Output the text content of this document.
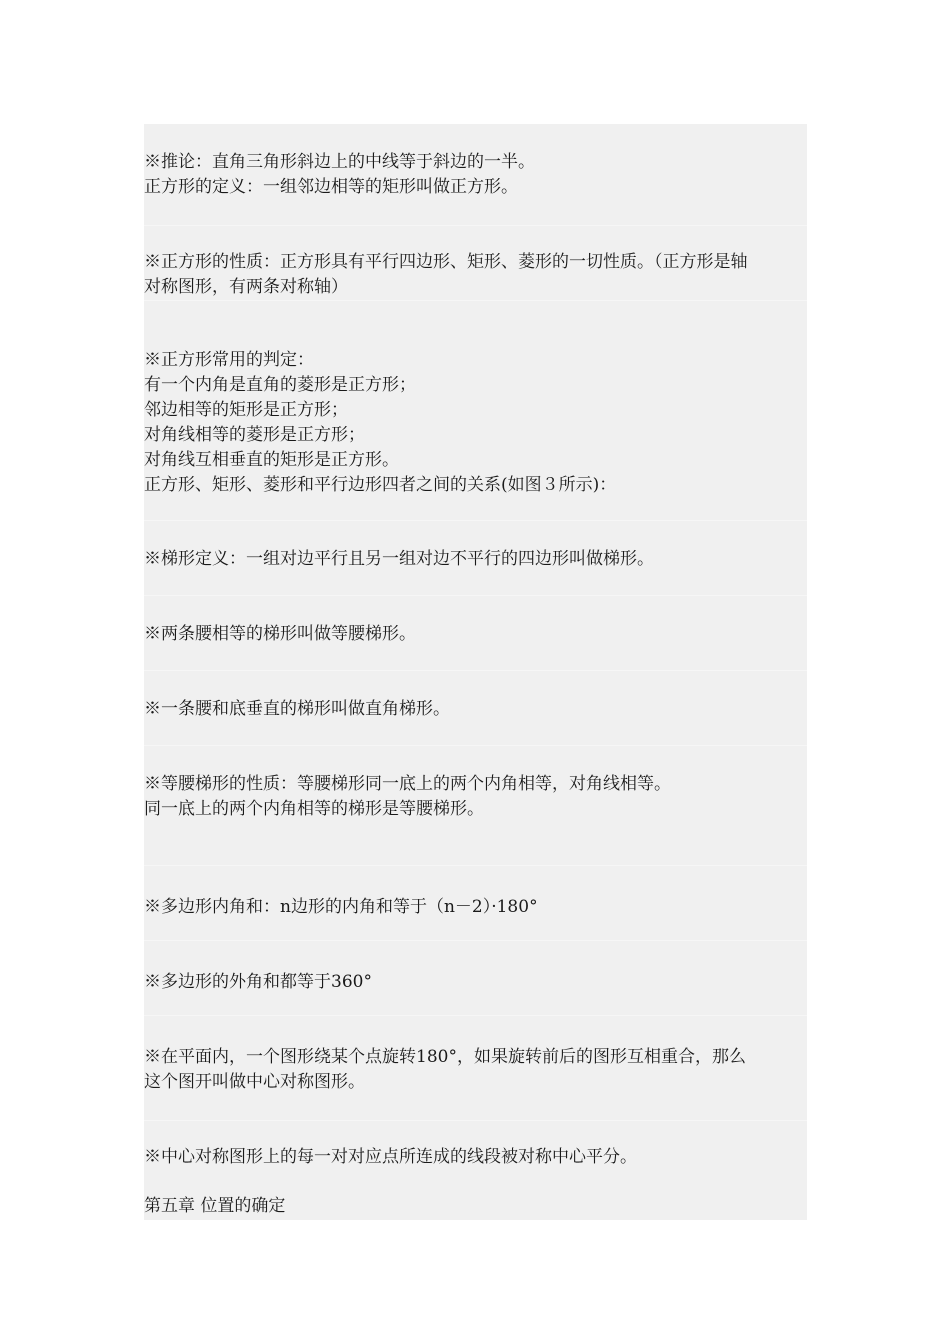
※推论：直角三角形斜边上的中线等于斜边的一半。
正方形的定义：一组邻边相等的矩形叫做正方形。
※正方形的性质：正方形具有平行四边形、矩形、菱形的一切性质。（正方形是轴
对称图形，有两条对称轴）
※正方形常用的判定：
有一个内角是直角的菱形是正方形；
邻边相等的矩形是正方形；
对角线相等的菱形是正方形；
对角线互相垂直的矩形是正方形。
正方形、矩形、菱形和平行边形四者之间的关系(如图３所示)：
※梯形定义：一组对边平行且另一组对边不平行的四边形叫做梯形。
※两条腰相等的梯形叫做等腰梯形。
※一条腰和底垂直的梯形叫做直角梯形。
※等腰梯形的性质：等腰梯形同一底上的两个内角相等，对角线相等。
同一底上的两个内角相等的梯形是等腰梯形。
※多边形内角和：n边形的内角和等于（n－2）·180°
※多边形的外角和都等于360°
※在平面内，一个图形绕某个点旋转180°，如果旋转前后的图形互相重合，那么
这个图开叫做中心对称图形。
※中心对称图形上的每一对对应点所连成的线段被对称中心平分。
第五章 位置的确定
